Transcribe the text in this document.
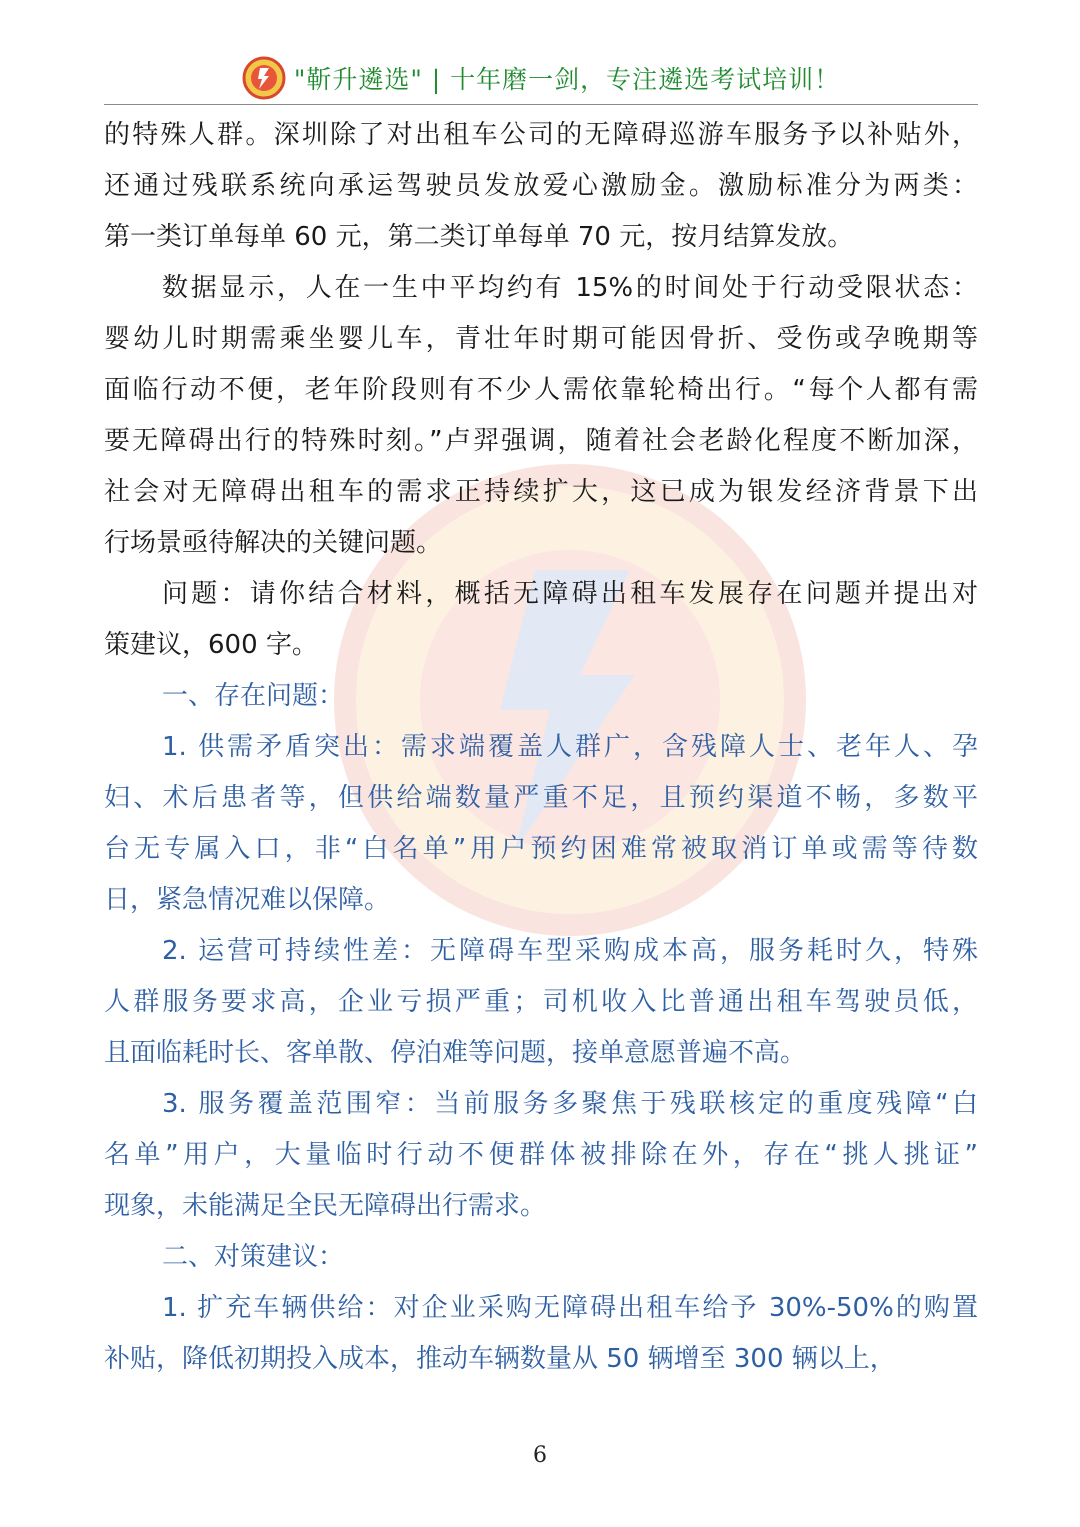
"靳升遴选" | 十年磨一剑，专注遴选考试培训！
的特殊人群。深圳除了对出租车公司的无障碍巡游车服务予以补贴外，
还通过残联系统向承运驾驶员发放爱心激励金。激励标准分为两类：
第一类订单每单 60 元，第二类订单每单 70 元，按月结算发放。
数据显示，人在一生中平均约有 15%的时间处于行动受限状态：
婴幼儿时期需乘坐婴儿车，青壮年时期可能因骨折、受伤或孕晚期等
面临行动不便，老年阶段则有不少人需依靠轮椅出行。“每个人都有需
要无障碍出行的特殊时刻。”卢羿强调，随着社会老龄化程度不断加深，
社会对无障碍出租车的需求正持续扩大，这已成为银发经济背景下出
行场景亟待解决的关键问题。
问题：请你结合材料，概括无障碍出租车发展存在问题并提出对
策建议，600 字。
一、存在问题：
1. 供需矛盾突出：需求端覆盖人群广，含残障人士、老年人、孕
妇、术后患者等，但供给端数量严重不足，且预约渠道不畅，多数平
台无专属入口，非“白名单”用户预约困难常被取消订单或需等待数
日，紧急情况难以保障。
2. 运营可持续性差：无障碍车型采购成本高，服务耗时久，特殊
人群服务要求高，企业亏损严重；司机收入比普通出租车驾驶员低，
且面临耗时长、客单散、停泊难等问题，接单意愿普遍不高。
3. 服务覆盖范围窄：当前服务多聚焦于残联核定的重度残障“白
名单”用户，大量临时行动不便群体被排除在外，存在“挑人挑证”
现象，未能满足全民无障碍出行需求。
二、对策建议：
1. 扩充车辆供给：对企业采购无障碍出租车给予 30%-50%的购置
补贴，降低初期投入成本，推动车辆数量从 50 辆增至 300 辆以上，
6
